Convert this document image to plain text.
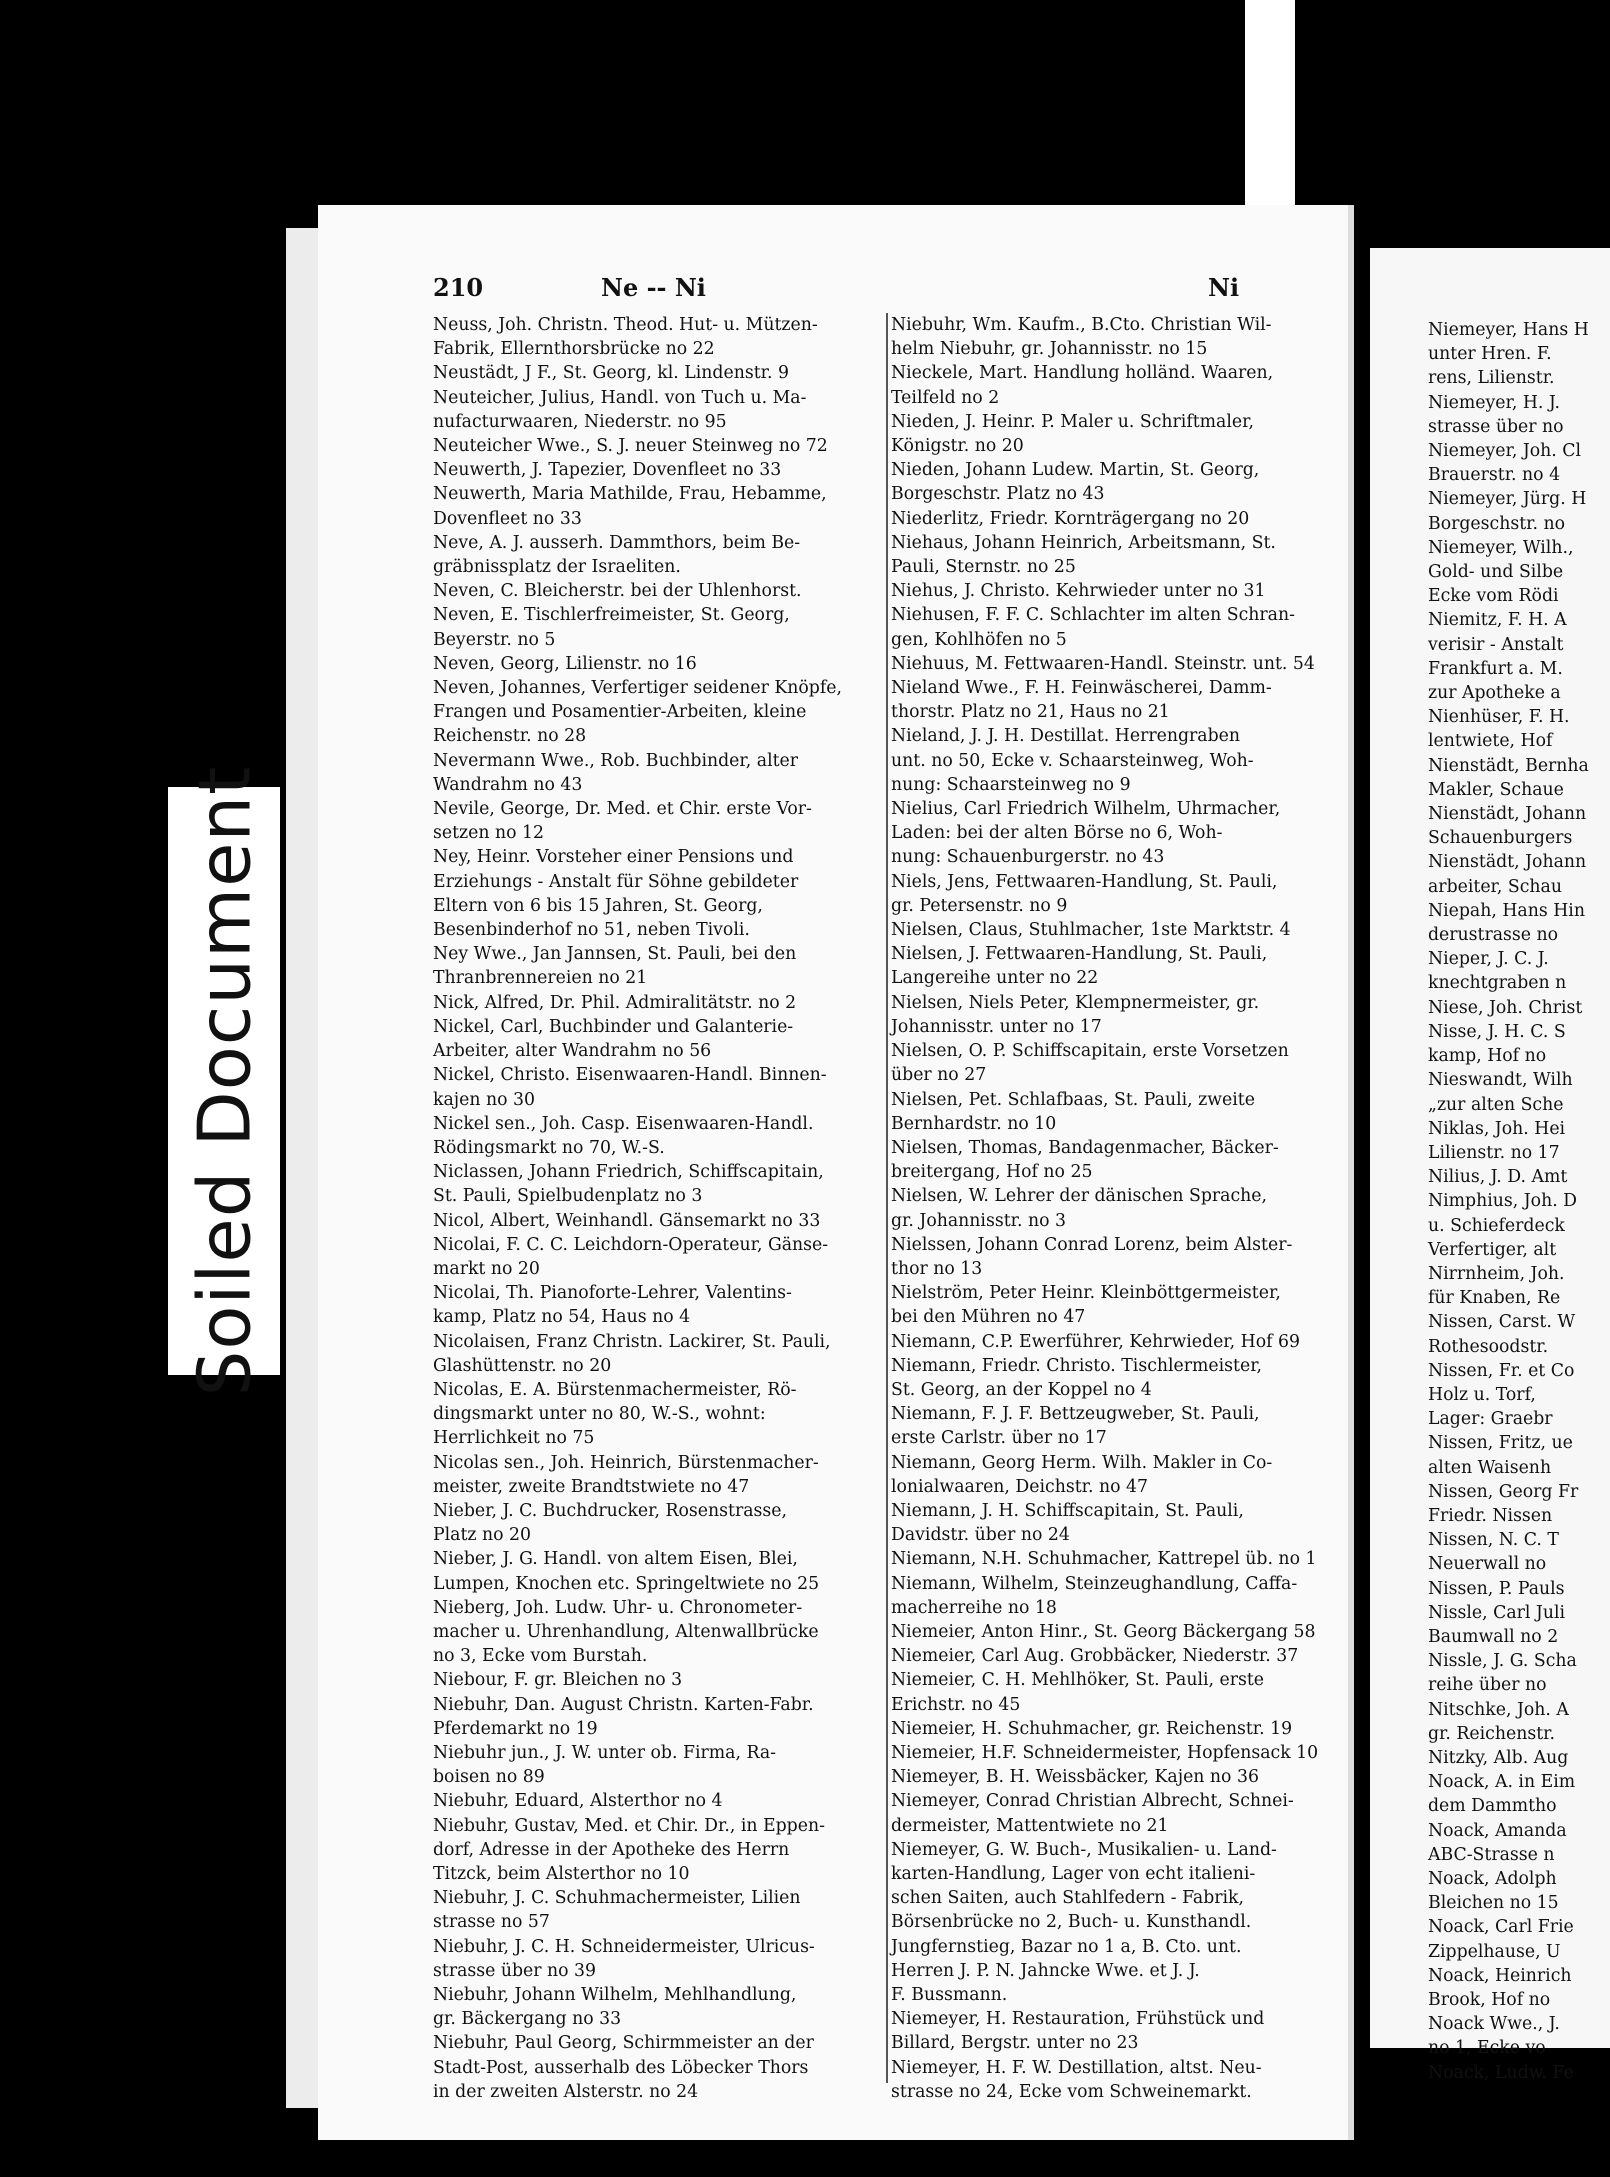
Soiled Document
210	Ne -- Ni	Ni
Neuss, Joh. Christn. Theod. Hut- u. Mützen-
Fabrik, Ellernthorsbrücke no 22
Neustädt, J F., St. Georg, kl. Lindenstr. 9
Neuteicher, Julius, Handl. von Tuch u. Ma-
nufacturwaaren, Niederstr. no 95
Neuteicher Wwe., S. J. neuer Steinweg no 72
Neuwerth, J. Tapezier, Dovenfleet no 33
Neuwerth, Maria Mathilde, Frau, Hebamme,
Dovenfleet no 33
Neve, A. J. ausserh. Dammthors, beim Be-
gräbnissplatz der Israeliten.
Neven, C. Bleicherstr. bei der Uhlenhorst.
Neven, E. Tischlerfreimeister, St. Georg,
Beyerstr. no 5
Neven, Georg, Lilienstr. no 16
Neven, Johannes, Verfertiger seidener Knöpfe,
Frangen und Posamentier-Arbeiten, kleine
Reichenstr. no 28
Nevermann Wwe., Rob. Buchbinder, alter
Wandrahm no 43
Nevile, George, Dr. Med. et Chir. erste Vor-
setzen no 12
Ney, Heinr. Vorsteher einer Pensions und
Erziehungs - Anstalt für Söhne gebildeter
Eltern von 6 bis 15 Jahren, St. Georg,
Besenbinderhof no 51, neben Tivoli.
Ney Wwe., Jan Jannsen, St. Pauli, bei den
Thranbrennereien no 21
Nick, Alfred, Dr. Phil. Admiralitätstr. no 2
Nickel, Carl, Buchbinder und Galanterie-
Arbeiter, alter Wandrahm no 56
Nickel, Christo. Eisenwaaren-Handl. Binnen-
kajen no 30
Nickel sen., Joh. Casp. Eisenwaaren-Handl.
Rödingsmarkt no 70, W.-S.
Niclassen, Johann Friedrich, Schiffscapitain,
St. Pauli, Spielbudenplatz no 3
Nicol, Albert, Weinhandl. Gänsemarkt no 33
Nicolai, F. C. C. Leichdorn-Operateur, Gänse-
markt no 20
Nicolai, Th. Pianoforte-Lehrer, Valentins-
kamp, Platz no 54, Haus no 4
Nicolaisen, Franz Christn. Lackirer, St. Pauli,
Glashüttenstr. no 20
Nicolas, E. A. Bürstenmachermeister, Rö-
dingsmarkt unter no 80, W.-S., wohnt:
Herrlichkeit no 75
Nicolas sen., Joh. Heinrich, Bürstenmacher-
meister, zweite Brandtstwiete no 47
Nieber, J. C. Buchdrucker, Rosenstrasse,
Platz no 20
Nieber, J. G. Handl. von altem Eisen, Blei,
Lumpen, Knochen etc. Springeltwiete no 25
Nieberg, Joh. Ludw. Uhr- u. Chronometer-
macher u. Uhrenhandlung, Altenwallbrücke
no 3, Ecke vom Burstah.
Niebour, F. gr. Bleichen no 3
Niebuhr, Dan. August Christn. Karten-Fabr.
Pferdemarkt no 19
Niebuhr jun., J. W. unter ob. Firma, Ra-
boisen no 89
Niebuhr, Eduard, Alsterthor no 4
Niebuhr, Gustav, Med. et Chir. Dr., in Eppen-
dorf, Adresse in der Apotheke des Herrn
Titzck, beim Alsterthor no 10
Niebuhr, J. C. Schuhmachermeister, Lilien
strasse no 57
Niebuhr, J. C. H. Schneidermeister, Ulricus-
strasse über no 39
Niebuhr, Johann Wilhelm, Mehlhandlung,
gr. Bäckergang no 33
Niebuhr, Paul Georg, Schirmmeister an der
Stadt-Post, ausserhalb des Löbecker Thors
in der zweiten Alsterstr. no 24
Niebuhr, Wm. Kaufm., B.Cto. Christian Wil-
helm Niebuhr, gr. Johannisstr. no 15
Nieckele, Mart. Handlung holländ. Waaren,
Teilfeld no 2
Nieden, J. Heinr. P. Maler u. Schriftmaler,
Königstr. no 20
Nieden, Johann Ludew. Martin, St. Georg,
Borgeschstr. Platz no 43
Niederlitz, Friedr. Kornträgergang no 20
Niehaus, Johann Heinrich, Arbeitsmann, St.
Pauli, Sternstr. no 25
Niehus, J. Christo. Kehrwieder unter no 31
Niehusen, F. F. C. Schlachter im alten Schran-
gen, Kohlhöfen no 5
Niehuus, M. Fettwaaren-Handl. Steinstr. unt. 54
Nieland Wwe., F. H. Feinwäscherei, Damm-
thorstr. Platz no 21, Haus no 21
Nieland, J. J. H. Destillat. Herrengraben
unt. no 50, Ecke v. Schaarsteinweg, Woh-
nung: Schaarsteinweg no 9
Nielius, Carl Friedrich Wilhelm, Uhrmacher,
Laden: bei der alten Börse no 6, Woh-
nung: Schauenburgerstr. no 43
Niels, Jens, Fettwaaren-Handlung, St. Pauli,
gr. Petersenstr. no 9
Nielsen, Claus, Stuhlmacher, 1ste Marktstr. 4
Nielsen, J. Fettwaaren-Handlung, St. Pauli,
Langereihe unter no 22
Nielsen, Niels Peter, Klempnermeister, gr.
Johannisstr. unter no 17
Nielsen, O. P. Schiffscapitain, erste Vorsetzen
über no 27
Nielsen, Pet. Schlafbaas, St. Pauli, zweite
Bernhardstr. no 10
Nielsen, Thomas, Bandagenmacher, Bäcker-
breitergang, Hof no 25
Nielsen, W. Lehrer der dänischen Sprache,
gr. Johannisstr. no 3
Nielssen, Johann Conrad Lorenz, beim Alster-
thor no 13
Nielström, Peter Heinr. Kleinböttgermeister,
bei den Mühren no 47
Niemann, C.P. Ewerführer, Kehrwieder, Hof 69
Niemann, Friedr. Christo. Tischlermeister,
St. Georg, an der Koppel no 4
Niemann, F. J. F. Bettzeugweber, St. Pauli,
erste Carlstr. über no 17
Niemann, Georg Herm. Wilh. Makler in Co-
lonialwaaren, Deichstr. no 47
Niemann, J. H. Schiffscapitain, St. Pauli,
Davidstr. über no 24
Niemann, N.H. Schuhmacher, Kattrepel üb. no 1
Niemann, Wilhelm, Steinzeughandlung, Caffa-
macherreihe no 18
Niemeier, Anton Hinr., St. Georg Bäckergang 58
Niemeier, Carl Aug. Grobbäcker, Niederstr. 37
Niemeier, C. H. Mehlhöker, St. Pauli, erste
Erichstr. no 45
Niemeier, H. Schuhmacher, gr. Reichenstr. 19
Niemeier, H.F. Schneidermeister, Hopfensack 10
Niemeyer, B. H. Weissbäcker, Kajen no 36
Niemeyer, Conrad Christian Albrecht, Schnei-
dermeister, Mattentwiete no 21
Niemeyer, G. W. Buch-, Musikalien- u. Land-
karten-Handlung, Lager von echt italieni-
schen Saiten, auch Stahlfedern - Fabrik,
Börsenbrücke no 2, Buch- u. Kunsthandl.
Jungfernstieg, Bazar no 1 a, B. Cto. unt.
Herren J. P. N. Jahncke Wwe. et J. J.
F. Bussmann.
Niemeyer, H. Restauration, Frühstück und
Billard, Bergstr. unter no 23
Niemeyer, H. F. W. Destillation, altst. Neu-
strasse no 24, Ecke vom Schweinemarkt.
Niemeyer, Hans H
unter Hren. F.
rens, Lilienstr.
Niemeyer, H. J.
strasse über no
Niemeyer, Joh. Cl
Brauerstr. no 4
Niemeyer, Jürg. H
Borgeschstr. no
Niemeyer, Wilh.,
Gold- und Silbe
Ecke vom Rödi
Niemitz, F. H. A
verisir - Anstalt
Frankfurt a. M.
zur Apotheke a
Nienhüser, F. H.
lentwiete, Hof
Nienstädt, Bernha
Makler, Schaue
Nienstädt, Johann
Schauenburgers
Nienstädt, Johann
arbeiter, Schau
Niepah, Hans Hin
derustrasse no
Nieper, J. C. J.
knechtgraben n
Niese, Joh. Christ
Nisse, J. H. C. S
kamp, Hof no
Nieswandt, Wilh
„zur alten Sche
Niklas, Joh. Hei
Lilienstr. no 17
Nilius, J. D. Amt
Nimphius, Joh. D
u. Schieferdeck
Verfertiger, alt
Nirrnheim, Joh.
für Knaben, Re
Nissen, Carst. W
Rothesoodstr.
Nissen, Fr. et Co
Holz u. Torf,
Lager: Graebr
Nissen, Fritz, ue
alten Waisenh
Nissen, Georg Fr
Friedr. Nissen
Nissen, N. C. T
Neuerwall no
Nissen, P. Pauls
Nissle, Carl Juli
Baumwall no 2
Nissle, J. G. Scha
reihe über no
Nitschke, Joh. A
gr. Reichenstr.
Nitzky, Alb. Aug
Noack, A. in Eim
dem Dammtho
Noack, Amanda
ABC-Strasse n
Noack, Adolph
Bleichen no 15
Noack, Carl Frie
Zippelhause, U
Noack, Heinrich
Brook, Hof no
Noack Wwe., J.
no 1, Ecke vo
Noack, Ludw. Fe
